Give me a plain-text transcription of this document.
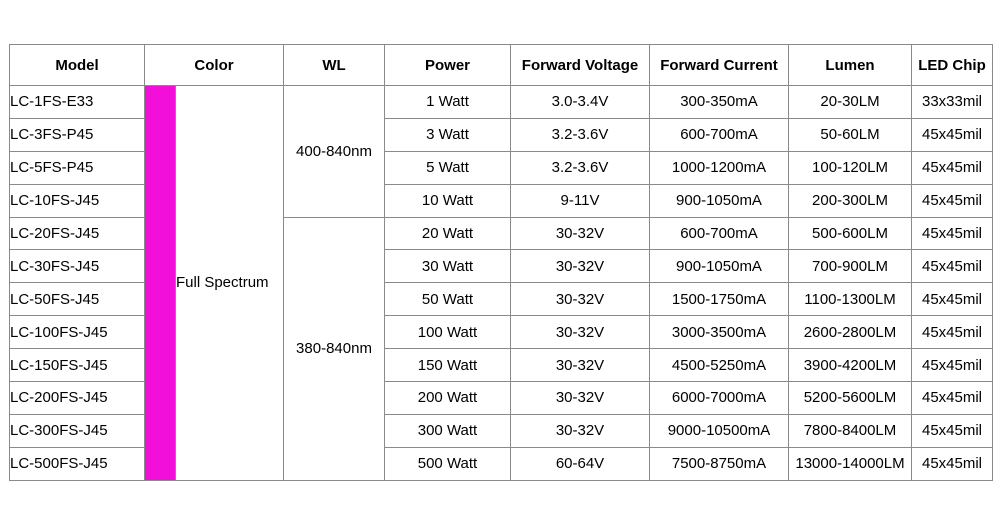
Model	Color		WL	Power	Forward Voltage	Forward Current	Lumen	LED Chip
LC-1FS-E33		Full Spectrum	400-840nm	1 Watt	3.0-3.4V	300-350mA	20-30LM	33x33mil
LC-3FS-P45				3 Watt	3.2-3.6V	600-700mA	50-60LM	45x45mil
LC-5FS-P45				5 Watt	3.2-3.6V	1000-1200mA	100-120LM	45x45mil
LC-10FS-J45				10 Watt	9-11V	900-1050mA	200-300LM	45x45mil
LC-20FS-J45			380-840nm	20 Watt	30-32V	600-700mA	500-600LM	45x45mil
LC-30FS-J45				30 Watt	30-32V	900-1050mA	700-900LM	45x45mil
LC-50FS-J45				50 Watt	30-32V	1500-1750mA	1100-1300LM	45x45mil
LC-100FS-J45				100 Watt	30-32V	3000-3500mA	2600-2800LM	45x45mil
LC-150FS-J45				150 Watt	30-32V	4500-5250mA	3900-4200LM	45x45mil
LC-200FS-J45				200 Watt	30-32V	6000-7000mA	5200-5600LM	45x45mil
LC-300FS-J45				300 Watt	30-32V	9000-10500mA	7800-8400LM	45x45mil
LC-500FS-J45				500 Watt	60-64V	7500-8750mA	13000-14000LM	45x45mil
